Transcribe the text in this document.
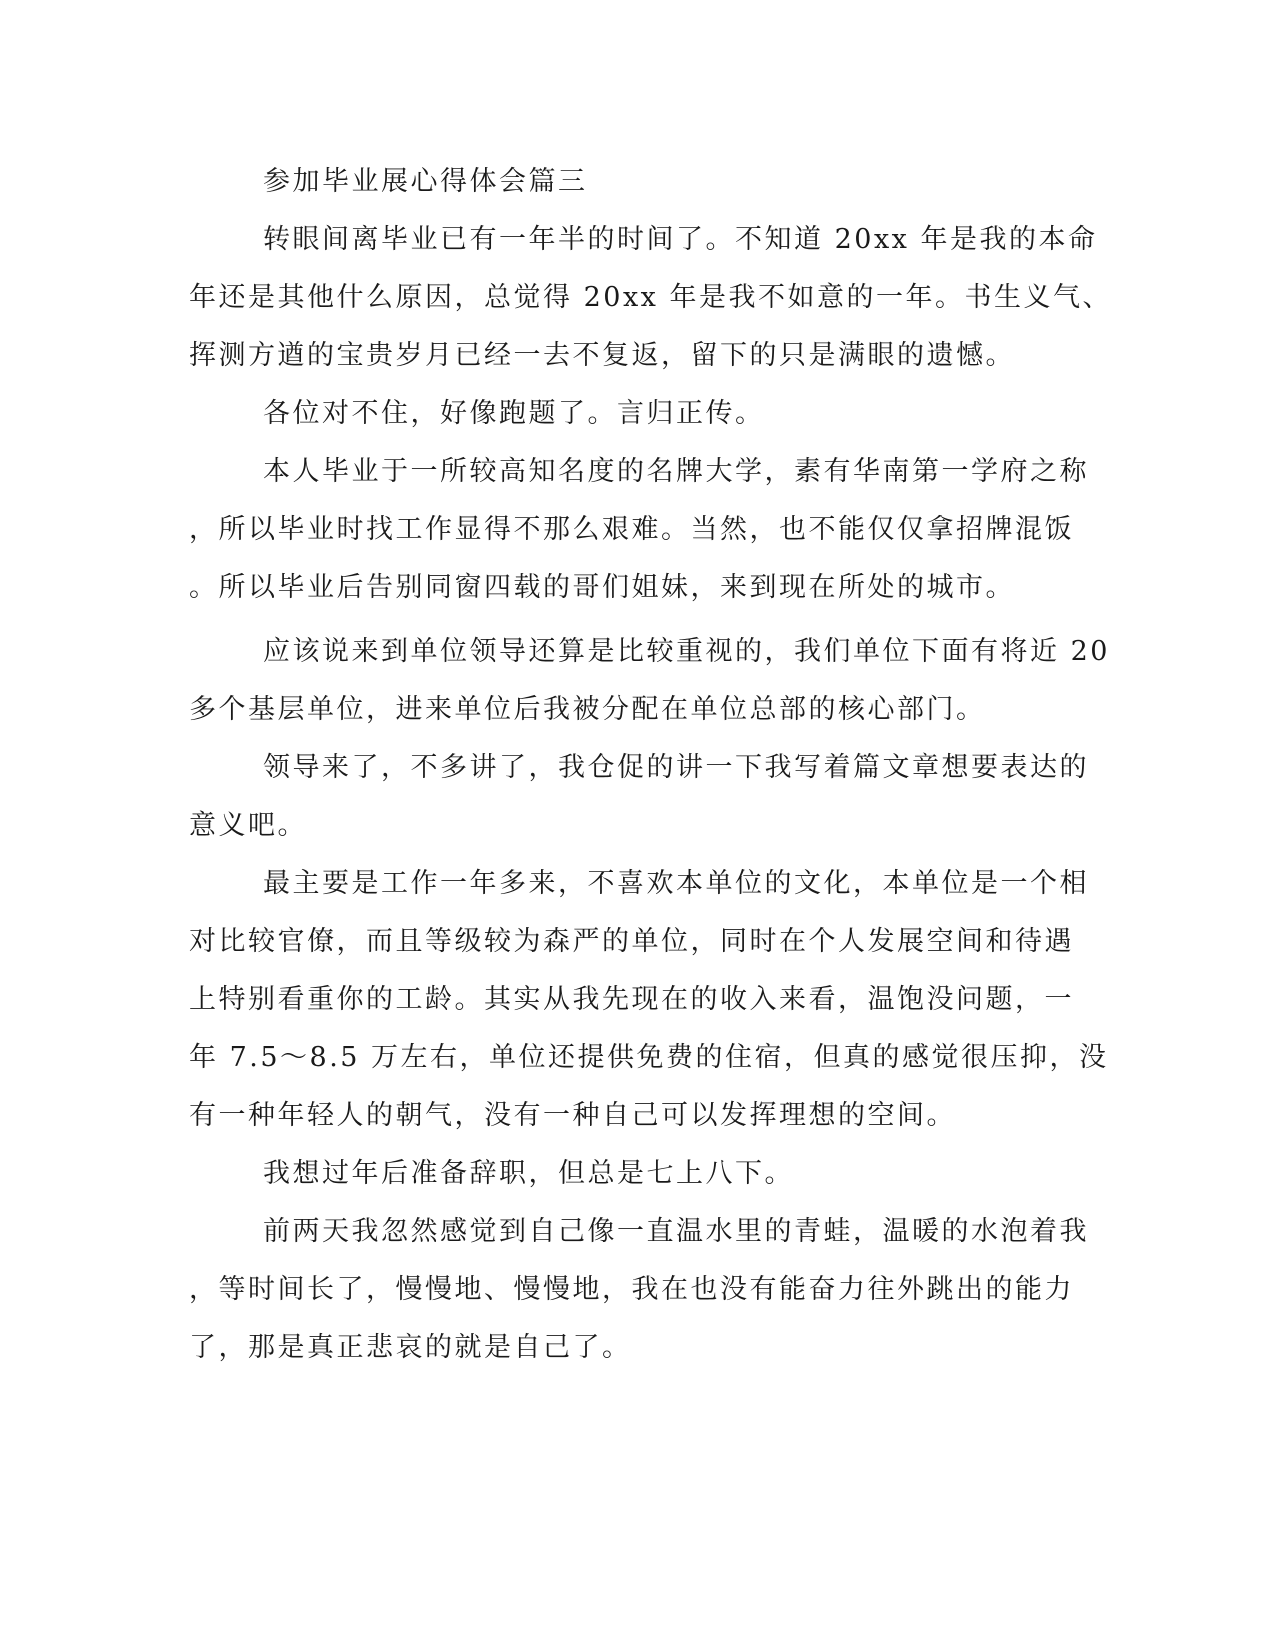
参加毕业展心得体会篇三

转眼间离毕业已有一年半的时间了。不知道 20xx 年是我的本命

年还是其他什么原因，总觉得 20xx 年是我不如意的一年。书生义气、

挥测方遒的宝贵岁月已经一去不复返，留下的只是满眼的遗憾。

各位对不住，好像跑题了。言归正传。

本人毕业于一所较高知名度的名牌大学，素有华南第一学府之称

，所以毕业时找工作显得不那么艰难。当然，也不能仅仅拿招牌混饭

。所以毕业后告别同窗四载的哥们姐妹，来到现在所处的城市。

应该说来到单位领导还算是比较重视的，我们单位下面有将近 20

多个基层单位，进来单位后我被分配在单位总部的核心部门。

领导来了，不多讲了，我仓促的讲一下我写着篇文章想要表达的

意义吧。

最主要是工作一年多来，不喜欢本单位的文化，本单位是一个相

对比较官僚，而且等级较为森严的单位，同时在个人发展空间和待遇

上特别看重你的工龄。其实从我先现在的收入来看，温饱没问题，一

年 7.5～8.5 万左右，单位还提供免费的住宿，但真的感觉很压抑，没

有一种年轻人的朝气，没有一种自己可以发挥理想的空间。

我想过年后准备辞职，但总是七上八下。

前两天我忽然感觉到自己像一直温水里的青蛙，温暖的水泡着我

，等时间长了，慢慢地、慢慢地，我在也没有能奋力往外跳出的能力

了，那是真正悲哀的就是自己了。
